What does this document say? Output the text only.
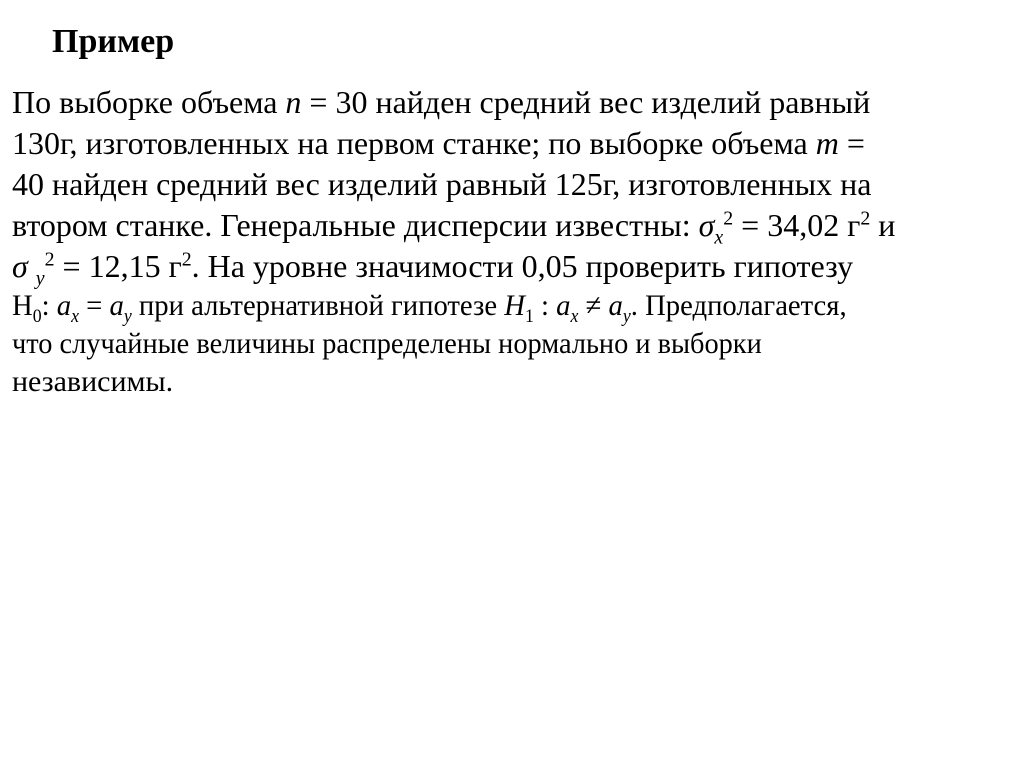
Пример
По выборке объема n = 30 найден средний вес изделий равный
130г, изготовленных на первом станке; по выборке объема m =
40 найден средний вес изделий равный 125г, изготовленных на
втором станке. Генеральные дисперсии известны: $\sigma_x^2 = 34,02$ $г^2$ и
σ $_y^2$ = 12,15 $г^2$. На уровне значимости 0,05 проверить гипотезу
$H_0$: $a_x = a_y$ при альтернативной гипотезе $H_1$ : $a_x \ne a_y$. Предполагается,
что случайные величины распределены нормально и выборки
независимы.
